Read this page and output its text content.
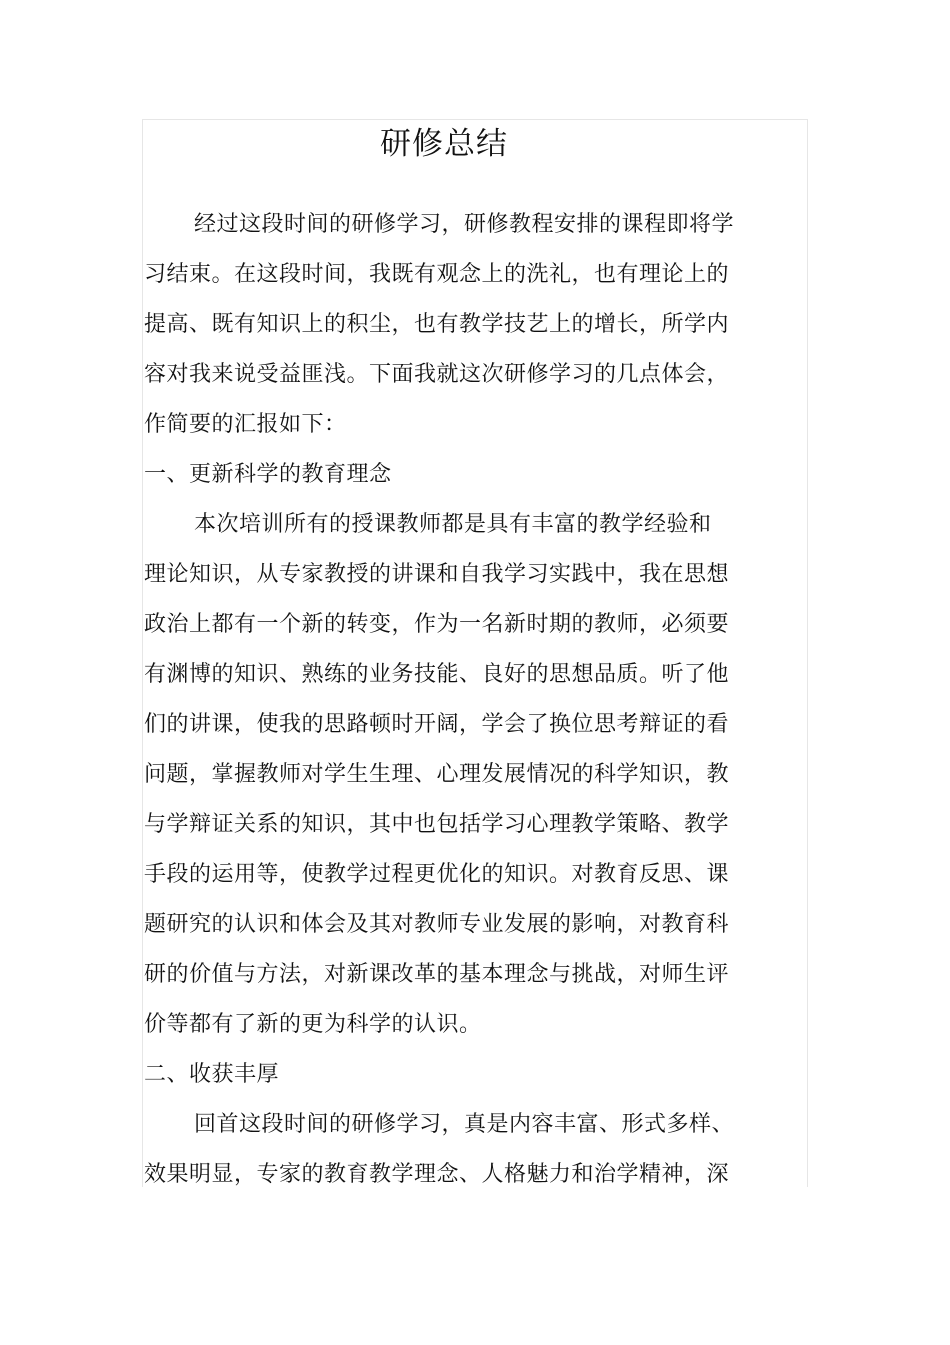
研修总结
经过这段时间的研修学习，研修教程安排的课程即将学
习结束。在这段时间，我既有观念上的洗礼，也有理论上的
提高、既有知识上的积尘，也有教学技艺上的增长，所学内
容对我来说受益匪浅。下面我就这次研修学习的几点体会，
作简要的汇报如下：
一、更新科学的教育理念
本次培训所有的授课教师都是具有丰富的教学经验和
理论知识，从专家教授的讲课和自我学习实践中，我在思想
政治上都有一个新的转变，作为一名新时期的教师，必须要
有渊博的知识、熟练的业务技能、良好的思想品质。听了他
们的讲课，使我的思路顿时开阔，学会了换位思考辩证的看
问题，掌握教师对学生生理、心理发展情况的科学知识，教
与学辩证关系的知识，其中也包括学习心理教学策略、教学
手段的运用等，使教学过程更优化的知识。对教育反思、课
题研究的认识和体会及其对教师专业发展的影响，对教育科
研的价值与方法，对新课改革的基本理念与挑战，对师生评
价等都有了新的更为科学的认识。
二、收获丰厚
回首这段时间的研修学习，真是内容丰富、形式多样、
效果明显，专家的教育教学理念、人格魅力和治学精神，深
